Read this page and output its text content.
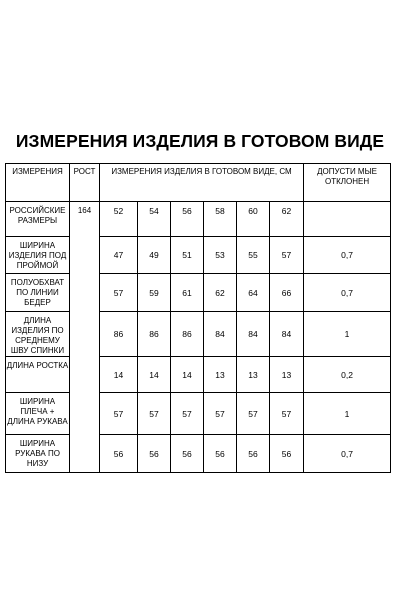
ИЗМЕРЕНИЯ ИЗДЕЛИЯ В ГОТОВОМ ВИДЕ
ИЗМЕРЕНИЯ	РОСТ	ИЗМЕРЕНИЯ ИЗДЕЛИЯ В ГОТОВОМ ВИДЕ, СМ						ДОПУСТИ МЫЕ ОТКЛОНЕН
РОССИЙСКИЕ РАЗМЕРЫ	164	52	54	56	58	60	62	
ШИРИНА ИЗДЕЛИЯ ПОД ПРОЙМОЙ		47	49	51	53	55	57	0,7
ПОЛУОБХВАТ ПО ЛИНИИ БЕДЕР		57	59	61	62	64	66	0,7
ДЛИНА ИЗДЕЛИЯ ПО СРЕДНЕМУ ШВУ СПИНКИ		86	86	86	84	84	84	1
ДЛИНА РОСТКА		14	14	14	13	13	13	0,2
ШИРИНА ПЛЕЧА + ДЛИНА РУКАВА		57	57	57	57	57	57	1
ШИРИНА РУКАВА ПО НИЗУ		56	56	56	56	56	56	0,7
